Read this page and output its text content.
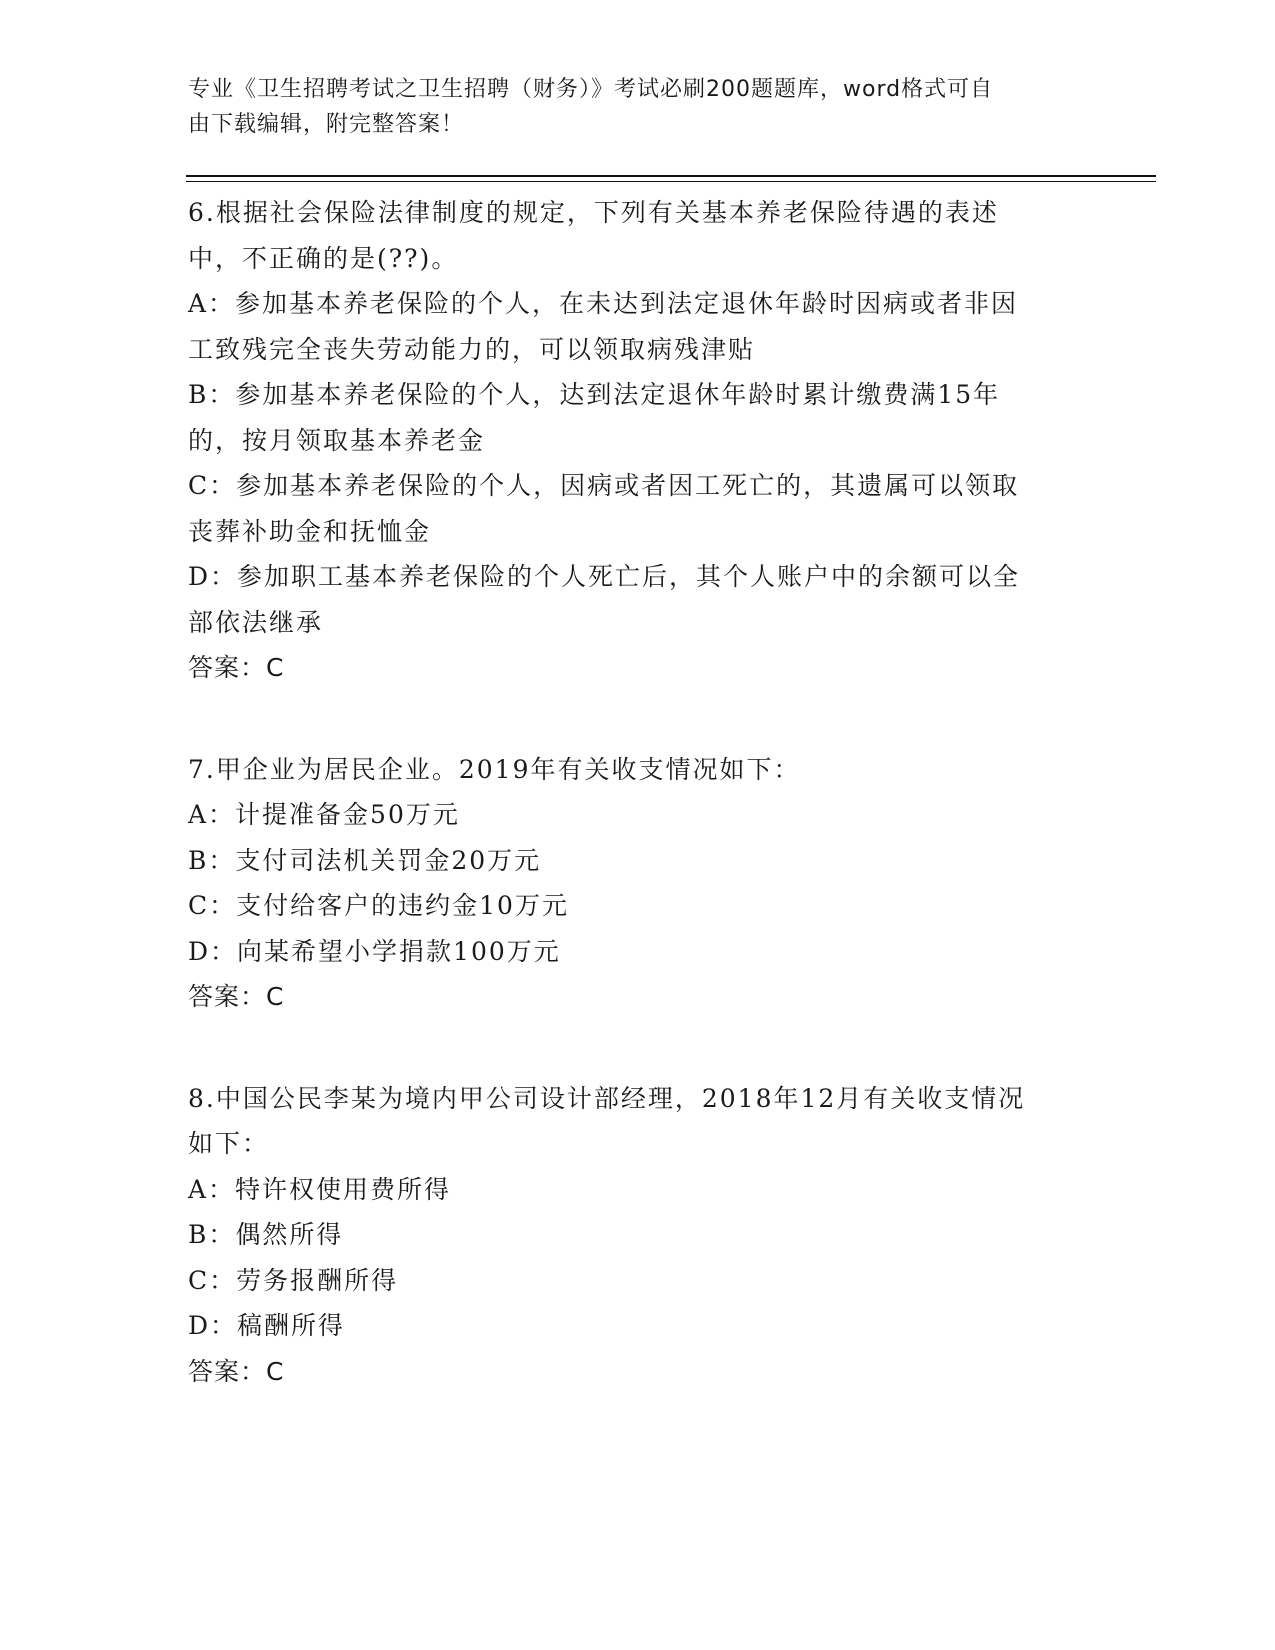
专业《卫生招聘考试之卫生招聘（财务）》考试必刷200题题库，word格式可自
由下载编辑，附完整答案！
6.根据社会保险法律制度的规定，下列有关基本养老保险待遇的表述
中，不正确的是(??)。
A：参加基本养老保险的个人，在未达到法定退休年龄时因病或者非因
工致残完全丧失劳动能力的，可以领取病残津贴
B：参加基本养老保险的个人，达到法定退休年龄时累计缴费满15年
的，按月领取基本养老金
C：参加基本养老保险的个人，因病或者因工死亡的，其遗属可以领取
丧葬补助金和抚恤金
D：参加职工基本养老保险的个人死亡后，其个人账户中的余额可以全
部依法继承
答案：C
7.甲企业为居民企业。2019年有关收支情况如下：
A：计提准备金50万元
B：支付司法机关罚金20万元
C：支付给客户的违约金10万元
D：向某希望小学捐款100万元
答案：C
8.中国公民李某为境内甲公司设计部经理，2018年12月有关收支情况
如下：
A：特许权使用费所得
B：偶然所得
C：劳务报酬所得
D：稿酬所得
答案：C
